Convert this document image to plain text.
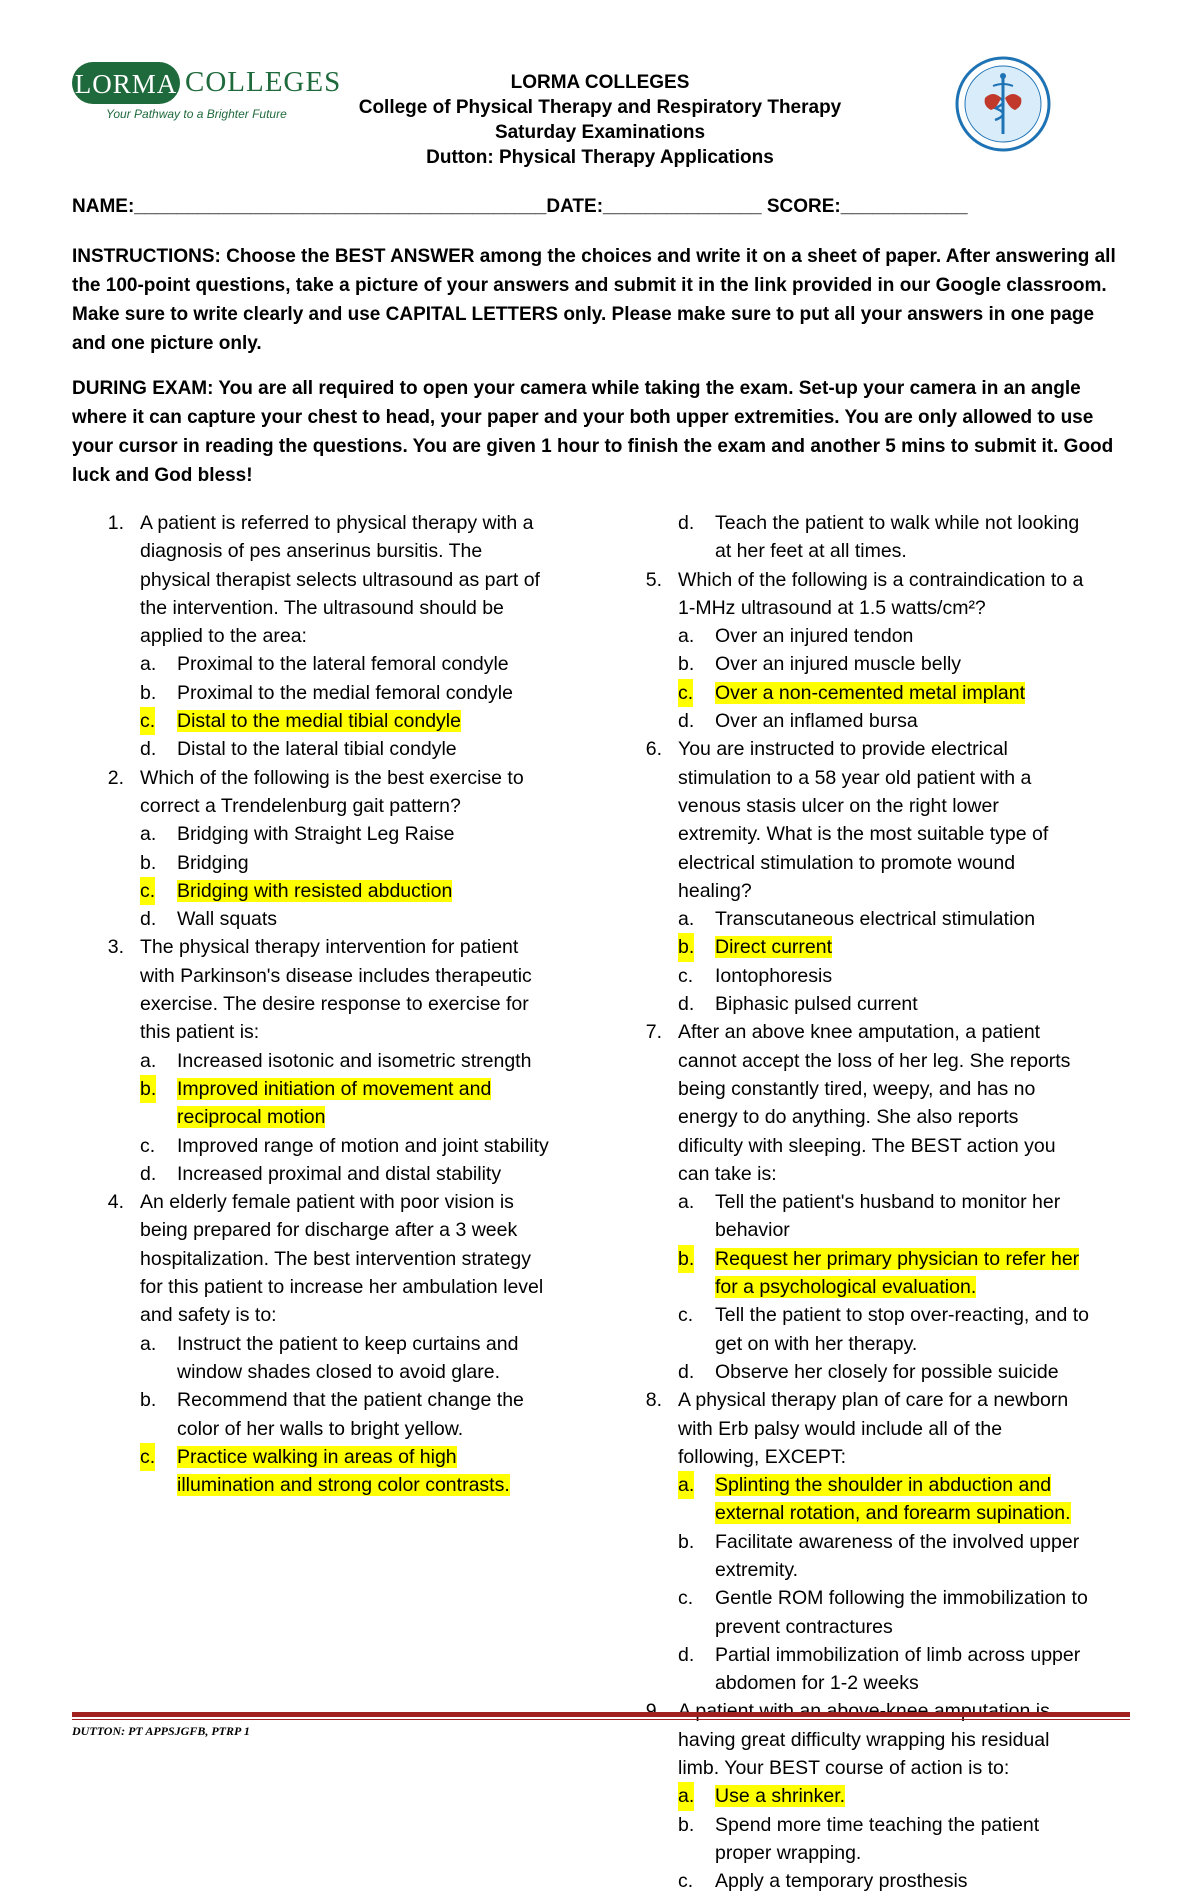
LORMA COLLEGES
Your Pathway to a Brighter Future
LORMA COLLEGES
College of Physical Therapy and Respiratory Therapy
Saturday Examinations
Dutton: Physical Therapy Applications
NAME:_______________________________________DATE:_______________ SCORE:____________

INSTRUCTIONS: Choose the BEST ANSWER among the choices and write it on a sheet of paper. After answering all the 100-point questions, take a picture of your answers and submit it in the link provided in our Google classroom. Make sure to write clearly and use CAPITAL LETTERS only. Please make sure to put all your answers in one page and one picture only.

DURING EXAM: You are all required to open your camera while taking the exam. Set-up your camera in an angle where it can capture your chest to head, your paper and your both upper extremities. You are only allowed to use your cursor in reading the questions. You are given 1 hour to finish the exam and another 5 mins to submit it. Good luck and God bless!

1. A patient is referred to physical therapy with a
diagnosis of pes anserinus bursitis. The
physical therapist selects ultrasound as part of
the intervention. The ultrasound should be
applied to the area:
a. Proximal to the lateral femoral condyle
b. Proximal to the medial femoral condyle
c. Distal to the medial tibial condyle
d. Distal to the lateral tibial condyle
2. Which of the following is the best exercise to
correct a Trendelenburg gait pattern?
a. Bridging with Straight Leg Raise
b. Bridging
c. Bridging with resisted abduction
d. Wall squats
3. The physical therapy intervention for patient
with Parkinson's disease includes therapeutic
exercise. The desire response to exercise for
this patient is:
a. Increased isotonic and isometric strength
b. Improved initiation of movement and
reciprocal motion
c. Improved range of motion and joint stability
d. Increased proximal and distal stability
4. An elderly female patient with poor vision is
being prepared for discharge after a 3 week
hospitalization. The best intervention strategy
for this patient to increase her ambulation level
and safety is to:
a. Instruct the patient to keep curtains and
window shades closed to avoid glare.
b. Recommend that the patient change the
color of her walls to bright yellow.
c. Practice walking in areas of high
illumination and strong color contrasts.
d. Teach the patient to walk while not looking
at her feet at all times.
5. Which of the following is a contraindication to a
1-MHz ultrasound at 1.5 watts/cm²?
a. Over an injured tendon
b. Over an injured muscle belly
c. Over a non-cemented metal implant
d. Over an inflamed bursa
6. You are instructed to provide electrical
stimulation to a 58 year old patient with a
venous stasis ulcer on the right lower
extremity. What is the most suitable type of
electrical stimulation to promote wound
healing?
a. Transcutaneous electrical stimulation
b. Direct current
c. Iontophoresis
d. Biphasic pulsed current
7. After an above knee amputation, a patient
cannot accept the loss of her leg. She reports
being constantly tired, weepy, and has no
energy to do anything. She also reports
dificulty with sleeping. The BEST action you
can take is:
a. Tell the patient's husband to monitor her
behavior
b. Request her primary physician to refer her
for a psychological evaluation.
c. Tell the patient to stop over-reacting, and to
get on with her therapy.
d. Observe her closely for possible suicide
8. A physical therapy plan of care for a newborn
with Erb palsy would include all of the
following, EXCEPT:
a. Splinting the shoulder in abduction and
external rotation, and forearm supination.
b. Facilitate awareness of the involved upper
extremity.
c. Gentle ROM following the immobilization to
prevent contractures
d. Partial immobilization of limb across upper
abdomen for 1-2 weeks
having great difficulty wrapping his residual
limb. Your BEST course of action is to:
a. Use a shrinker.
b. Spend more time teaching the patient
proper wrapping.
c. Apply a temporary prosthesis
DUTTON: PT APPSJGFB, PTRP 1
